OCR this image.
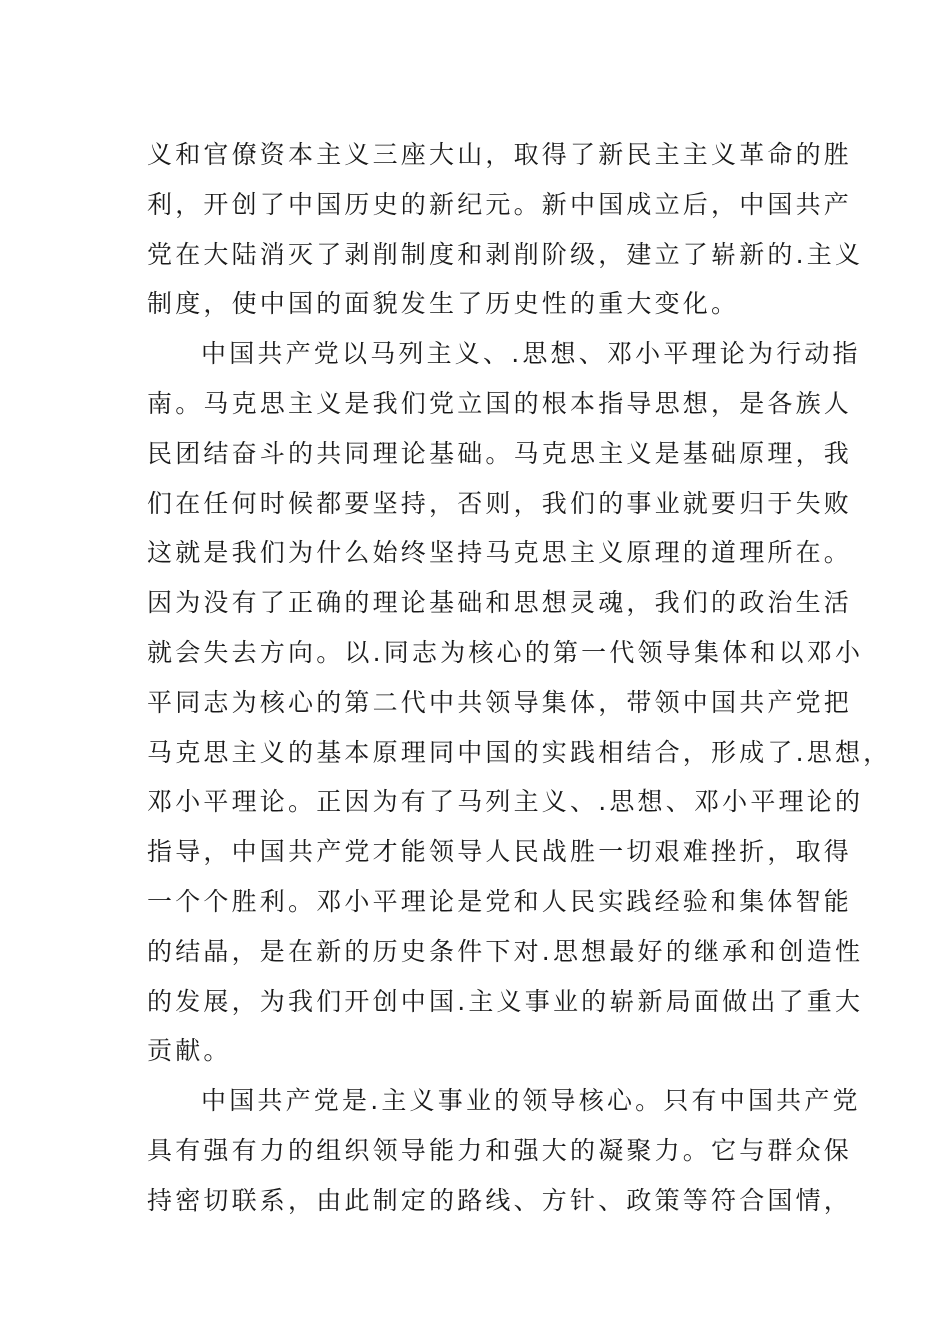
义和官僚资本主义三座大山，取得了新民主主义革命的胜
利，开创了中国历史的新纪元。新中国成立后，中国共产
党在大陆消灭了剥削制度和剥削阶级，建立了崭新的.主义
制度，使中国的面貌发生了历史性的重大变化。
中国共产党以马列主义、.思想、邓小平理论为行动指
南。马克思主义是我们党立国的根本指导思想，是各族人
民团结奋斗的共同理论基础。马克思主义是基础原理，我
们在任何时候都要坚持，否则，我们的事业就要归于失败
这就是我们为什么始终坚持马克思主义原理的道理所在。
因为没有了正确的理论基础和思想灵魂，我们的政治生活
就会失去方向。以.同志为核心的第一代领导集体和以邓小
平同志为核心的第二代中共领导集体，带领中国共产党把
马克思主义的基本原理同中国的实践相结合，形成了.思想，
邓小平理论。正因为有了马列主义、.思想、邓小平理论的
指导，中国共产党才能领导人民战胜一切艰难挫折，取得
一个个胜利。邓小平理论是党和人民实践经验和集体智能
的结晶，是在新的历史条件下对.思想最好的继承和创造性
的发展，为我们开创中国.主义事业的崭新局面做出了重大
贡献。
中国共产党是.主义事业的领导核心。只有中国共产党
具有强有力的组织领导能力和强大的凝聚力。它与群众保
持密切联系，由此制定的路线、方针、政策等符合国情，
